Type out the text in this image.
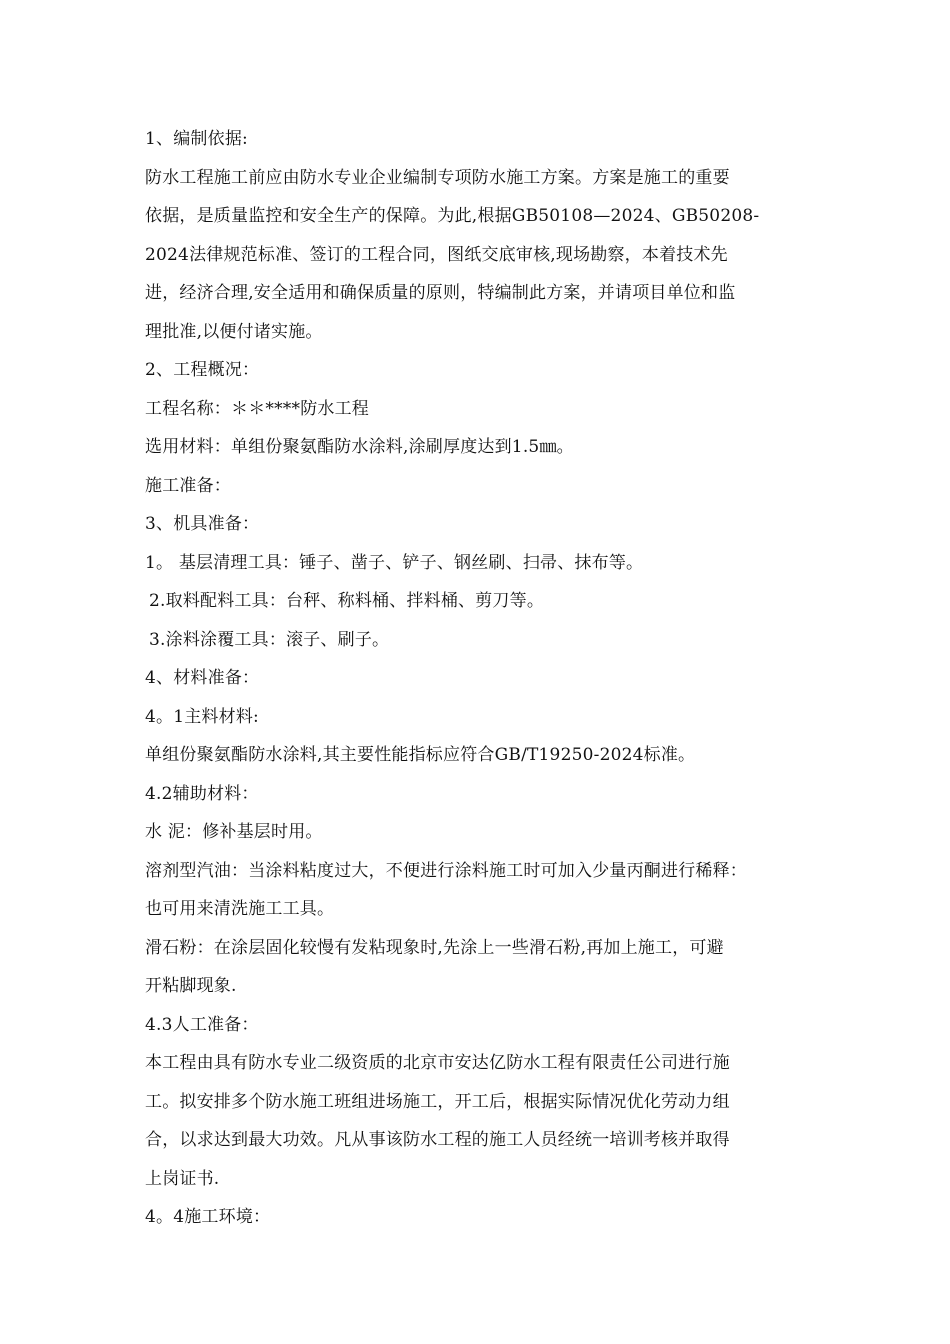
1、编制依据:
防水工程施工前应由防水专业企业编制专项防水施工方案。方案是施工的重要
依据，是质量监控和安全生产的保障。为此,根据GB50108—2024、GB50208-
2024法律规范标准、签订的工程合同，图纸交底审核,现场勘察，本着技术先
进，经济合理,安全适用和确保质量的原则，特编制此方案，并请项目单位和监
理批准,以便付诸实施。
2、工程概况：
工程名称：＊＊****防水工程
选用材料：单组份聚氨酯防水涂料,涂刷厚度达到1.5㎜。
施工准备：
3、机具准备：
1。 基层清理工具：锤子、凿子、铲子、钢丝刷、扫帚、抹布等。
2.取料配料工具：台秤、称料桶、拌料桶、剪刀等。
3.涂料涂覆工具：滚子、刷子。
4、材料准备：
4。1主料材料:
单组份聚氨酯防水涂料,其主要性能指标应符合GB/T19250-2024标准。
4.2辅助材料：
水 泥：修补基层时用。
溶剂型汽油：当涂料粘度过大，不便进行涂料施工时可加入少量丙酮进行稀释：
也可用来清洗施工工具。
滑石粉：在涂层固化较慢有发粘现象时,先涂上一些滑石粉,再加上施工，可避
开粘脚现象.
4.3人工准备：
本工程由具有防水专业二级资质的北京市安达亿防水工程有限责任公司进行施
工。拟安排多个防水施工班组进场施工，开工后，根据实际情况优化劳动力组
合，以求达到最大功效。凡从事该防水工程的施工人员经统一培训考核并取得
上岗证书.
4。4施工环境：
